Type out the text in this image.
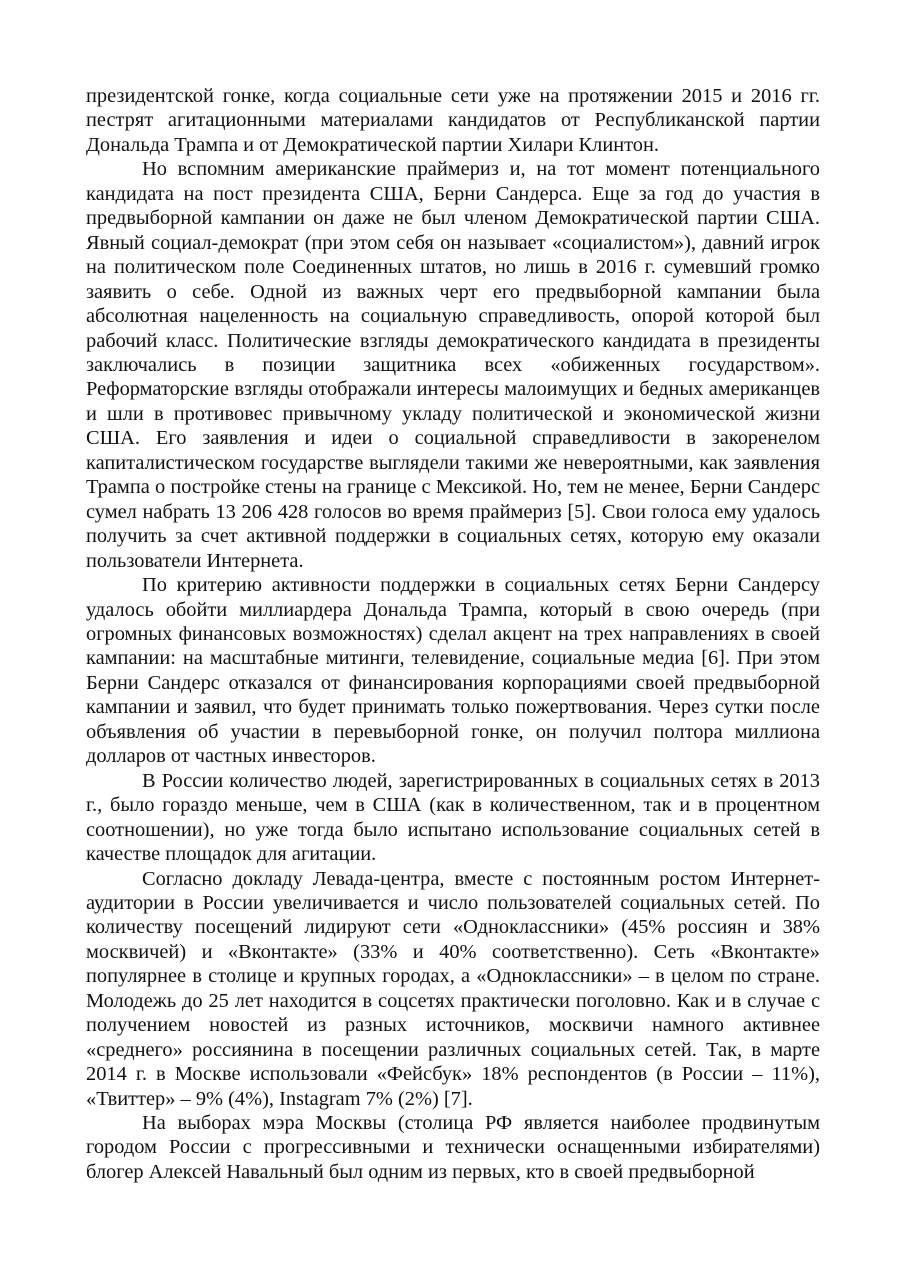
президентской гонке, когда социальные сети уже на протяжении 2015 и 2016 гг. пестрят агитационными материалами кандидатов от Республиканской партии Дональда Трампа и от Демократической партии Хилари Клинтон.

Но вспомним американские праймериз и, на тот момент потенциального кандидата на пост президента США, Берни Сандерса. Еще за год до участия в предвыборной кампании он даже не был членом Демократической партии США. Явный социал-демократ (при этом себя он называет «социалистом»), давний игрок на политическом поле Соединенных штатов, но лишь в 2016 г. сумевший громко заявить о себе. Одной из важных черт его предвыборной кампании была абсолютная нацеленность на социальную справедливость, опорой которой был рабочий класс. Политические взгляды демократического кандидата в президенты заключались в позиции защитника всех «обиженных государством». Реформаторские взгляды отображали интересы малоимущих и бедных американцев и шли в противовес привычному укладу политической и экономической жизни США. Его заявления и идеи о социальной справедливости в закоренелом капиталистическом государстве выглядели такими же невероятными, как заявления Трампа о постройке стены на границе с Мексикой. Но, тем не менее, Берни Сандерс сумел набрать 13 206 428 голосов во время праймериз [5]. Свои голоса ему удалось получить за счет активной поддержки в социальных сетях, которую ему оказали пользователи Интернета.

По критерию активности поддержки в социальных сетях Берни Сандерсу удалось обойти миллиардера Дональда Трампа, который в свою очередь (при огромных финансовых возможностях) сделал акцент на трех направлениях в своей кампании: на масштабные митинги, телевидение, социальные медиа [6]. При этом Берни Сандерс отказался от финансирования корпорациями своей предвыборной кампании и заявил, что будет принимать только пожертвования. Через сутки после объявления об участии в перевыборной гонке, он получил полтора миллиона долларов от частных инвесторов.

В России количество людей, зарегистрированных в социальных сетях в 2013 г., было гораздо меньше, чем в США (как в количественном, так и в процентном соотношении), но уже тогда было испытано использование социальных сетей в качестве площадок для агитации.

Согласно докладу Левада-центра, вместе с постоянным ростом Интернет-аудитории в России увеличивается и число пользователей социальных сетей. По количеству посещений лидируют сети «Одноклассники» (45% россиян и 38% москвичей) и «Вконтакте» (33% и 40% соответственно). Сеть «Вконтакте» популярнее в столице и крупных городах, а «Одноклассники» – в целом по стране. Молодежь до 25 лет находится в соцсетях практически поголовно. Как и в случае с получением новостей из разных источников, москвичи намного активнее «среднего» россиянина в посещении различных социальных сетей. Так, в марте 2014 г. в Москве использовали «Фейсбук» 18% респондентов (в России – 11%), «Твиттер» – 9% (4%), Instagram 7% (2%) [7].

На выборах мэра Москвы (столица РФ является наиболее продвинутым городом России с прогрессивными и технически оснащенными избирателями) блогер Алексей Навальный был одним из первых, кто в своей предвыборной
